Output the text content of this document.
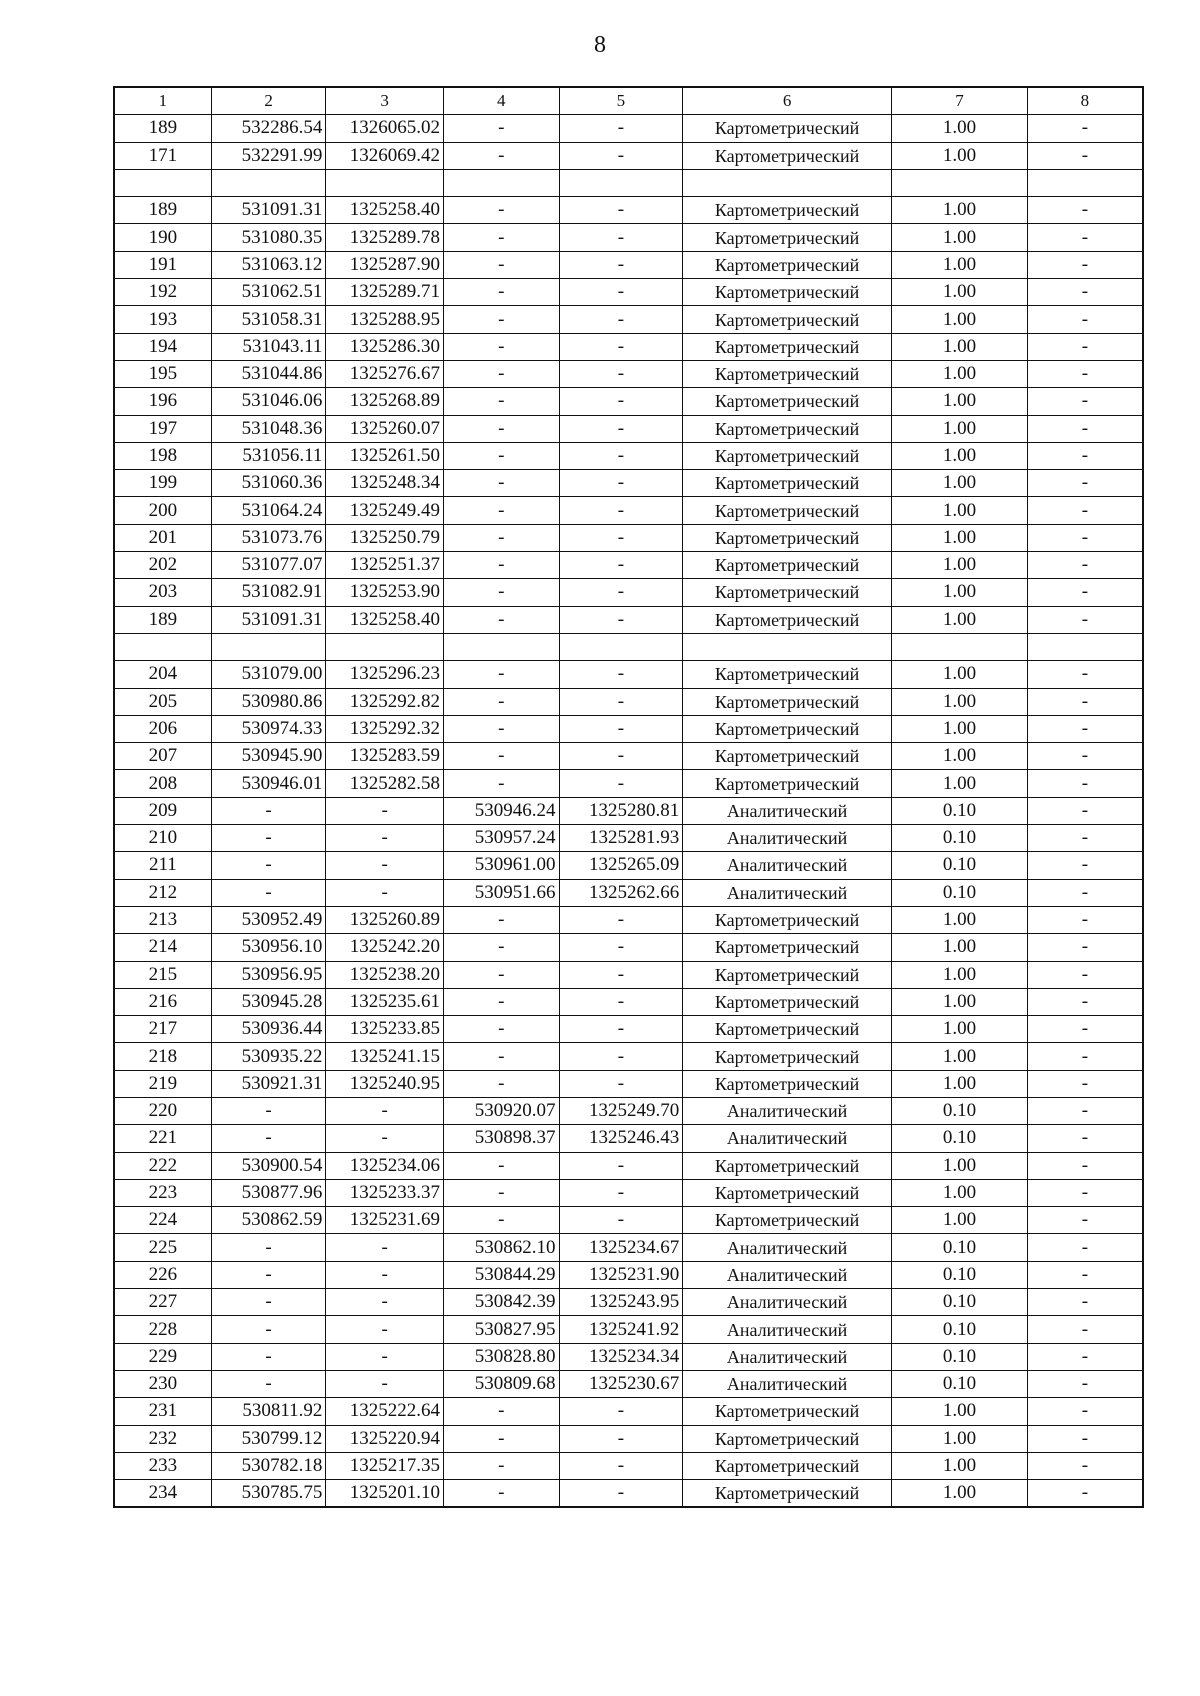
8
1	2	3	4	5	6	7	8
189	532286.54	1326065.02	-	-	Картометрический	1.00	-
171	532291.99	1326069.42	-	-	Картометрический	1.00	-

189	531091.31	1325258.40	-	-	Картометрический	1.00	-
190	531080.35	1325289.78	-	-	Картометрический	1.00	-
191	531063.12	1325287.90	-	-	Картометрический	1.00	-
192	531062.51	1325289.71	-	-	Картометрический	1.00	-
193	531058.31	1325288.95	-	-	Картометрический	1.00	-
194	531043.11	1325286.30	-	-	Картометрический	1.00	-
195	531044.86	1325276.67	-	-	Картометрический	1.00	-
196	531046.06	1325268.89	-	-	Картометрический	1.00	-
197	531048.36	1325260.07	-	-	Картометрический	1.00	-
198	531056.11	1325261.50	-	-	Картометрический	1.00	-
199	531060.36	1325248.34	-	-	Картометрический	1.00	-
200	531064.24	1325249.49	-	-	Картометрический	1.00	-
201	531073.76	1325250.79	-	-	Картометрический	1.00	-
202	531077.07	1325251.37	-	-	Картометрический	1.00	-
203	531082.91	1325253.90	-	-	Картометрический	1.00	-
189	531091.31	1325258.40	-	-	Картометрический	1.00	-

204	531079.00	1325296.23	-	-	Картометрический	1.00	-
205	530980.86	1325292.82	-	-	Картометрический	1.00	-
206	530974.33	1325292.32	-	-	Картометрический	1.00	-
207	530945.90	1325283.59	-	-	Картометрический	1.00	-
208	530946.01	1325282.58	-	-	Картометрический	1.00	-
209	-	-	530946.24	1325280.81	Аналитический	0.10	-
210	-	-	530957.24	1325281.93	Аналитический	0.10	-
211	-	-	530961.00	1325265.09	Аналитический	0.10	-
212	-	-	530951.66	1325262.66	Аналитический	0.10	-
213	530952.49	1325260.89	-	-	Картометрический	1.00	-
214	530956.10	1325242.20	-	-	Картометрический	1.00	-
215	530956.95	1325238.20	-	-	Картометрический	1.00	-
216	530945.28	1325235.61	-	-	Картометрический	1.00	-
217	530936.44	1325233.85	-	-	Картометрический	1.00	-
218	530935.22	1325241.15	-	-	Картометрический	1.00	-
219	530921.31	1325240.95	-	-	Картометрический	1.00	-
220	-	-	530920.07	1325249.70	Аналитический	0.10	-
221	-	-	530898.37	1325246.43	Аналитический	0.10	-
222	530900.54	1325234.06	-	-	Картометрический	1.00	-
223	530877.96	1325233.37	-	-	Картометрический	1.00	-
224	530862.59	1325231.69	-	-	Картометрический	1.00	-
225	-	-	530862.10	1325234.67	Аналитический	0.10	-
226	-	-	530844.29	1325231.90	Аналитический	0.10	-
227	-	-	530842.39	1325243.95	Аналитический	0.10	-
228	-	-	530827.95	1325241.92	Аналитический	0.10	-
229	-	-	530828.80	1325234.34	Аналитический	0.10	-
230	-	-	530809.68	1325230.67	Аналитический	0.10	-
231	530811.92	1325222.64	-	-	Картометрический	1.00	-
232	530799.12	1325220.94	-	-	Картометрический	1.00	-
233	530782.18	1325217.35	-	-	Картометрический	1.00	-
234	530785.75	1325201.10	-	-	Картометрический	1.00	-
